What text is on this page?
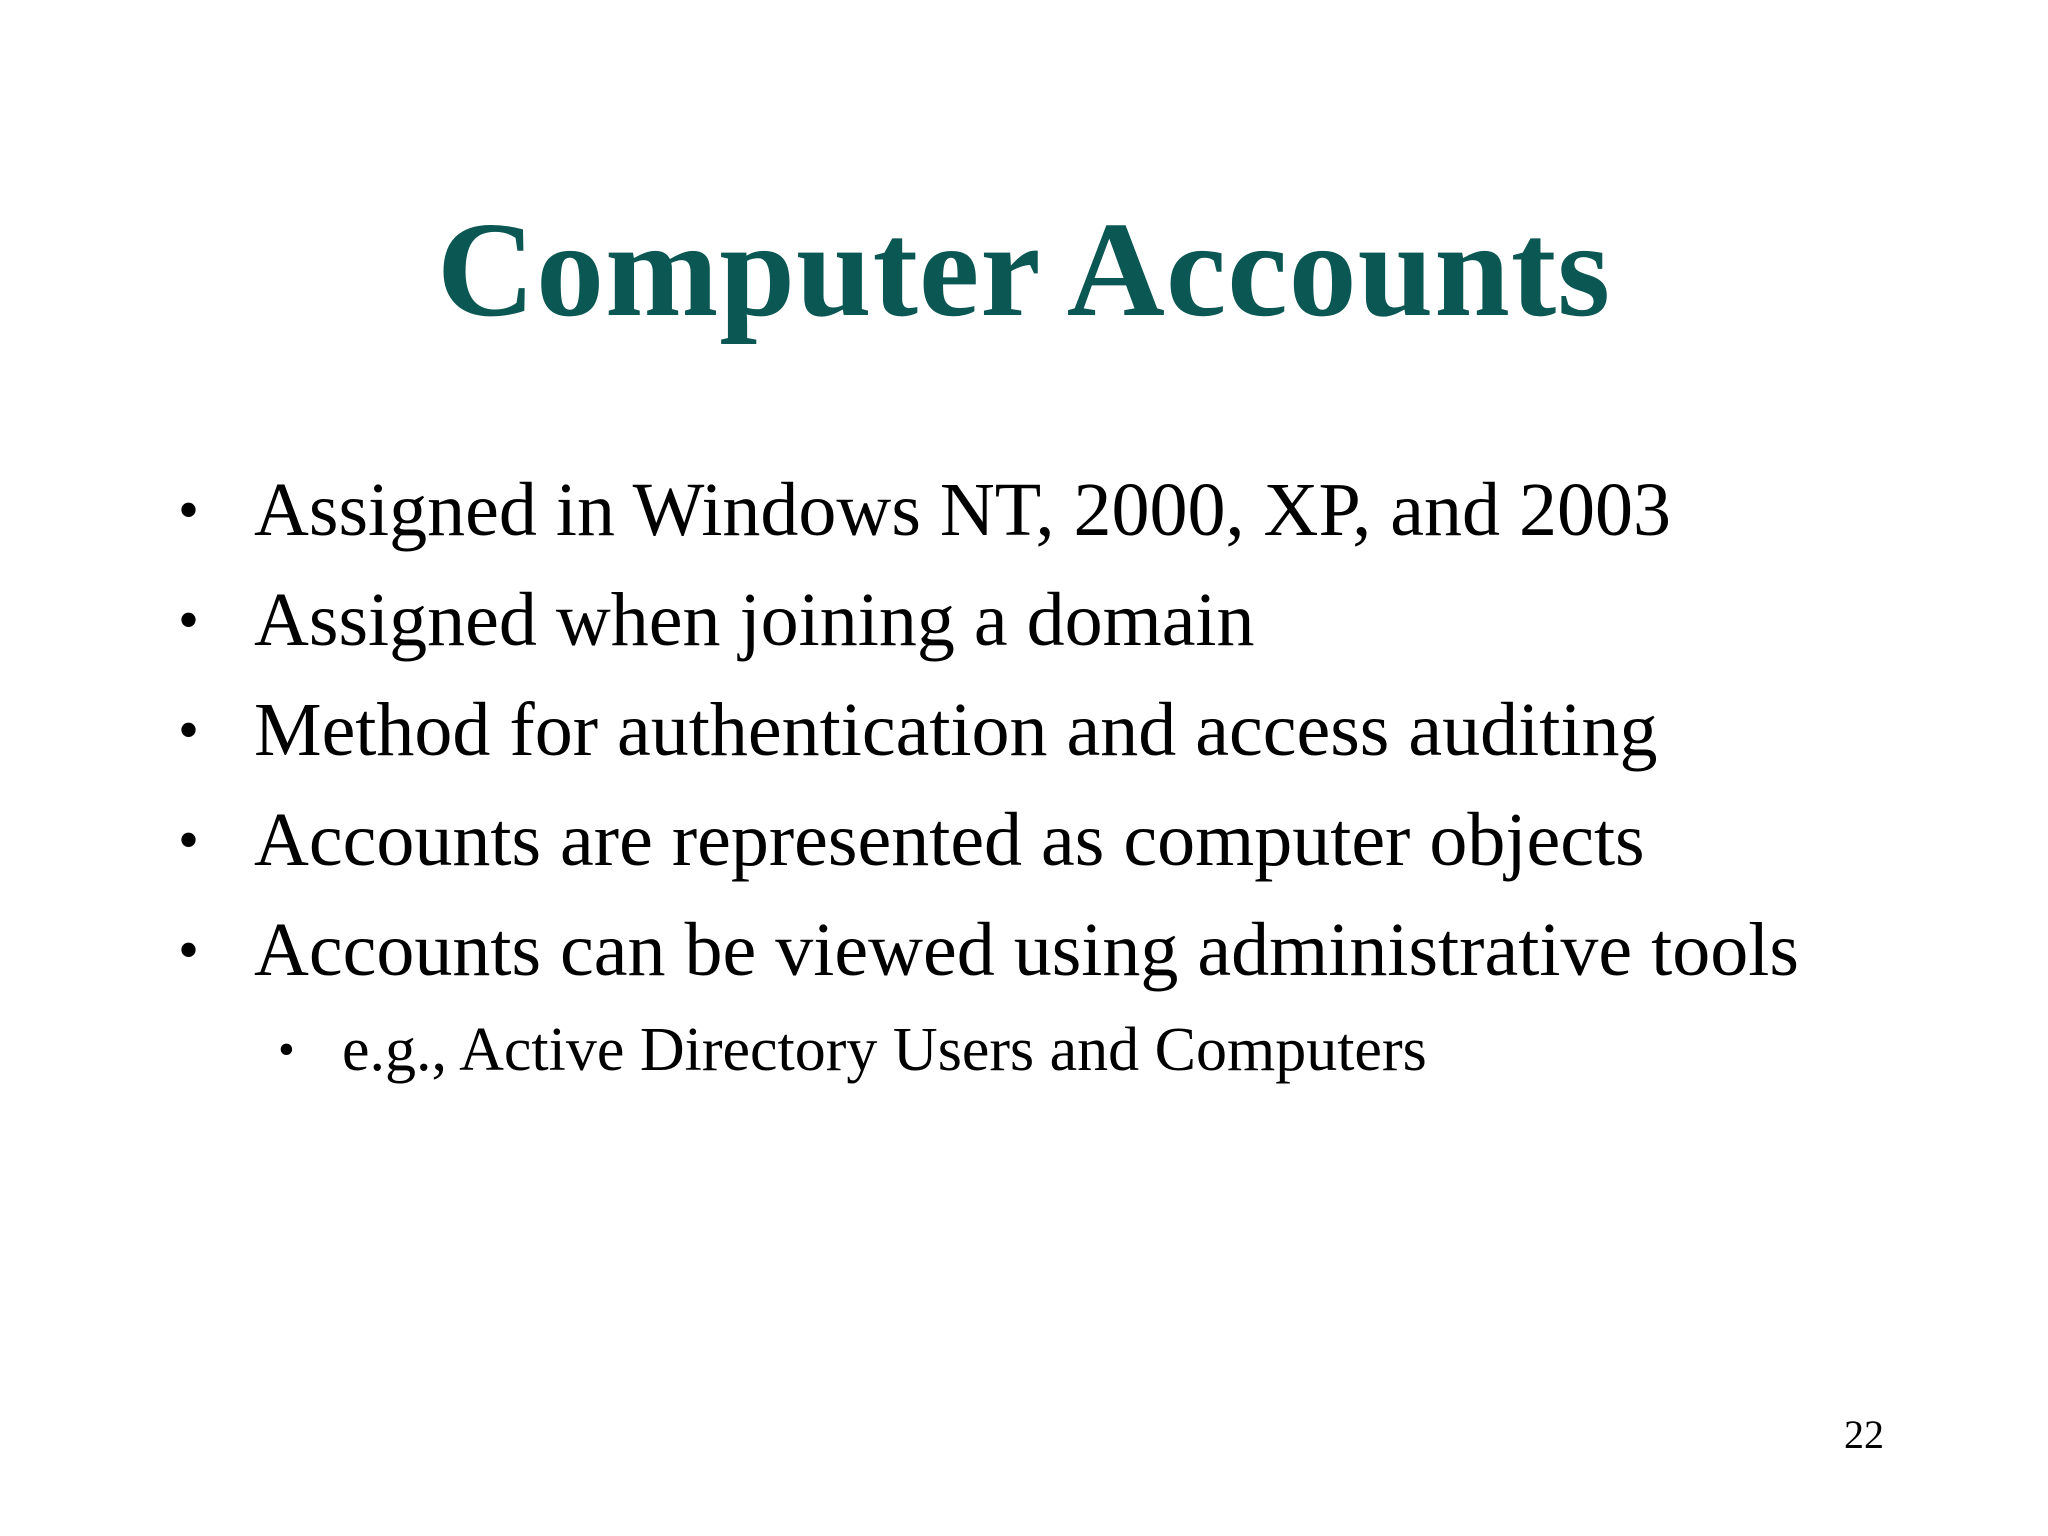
Computer Accounts
• Assigned in Windows NT, 2000, XP, and 2003
• Assigned when joining a domain
• Method for authentication and access auditing
• Accounts are represented as computer objects
• Accounts can be viewed using administrative tools
• e.g., Active Directory Users and Computers
22
